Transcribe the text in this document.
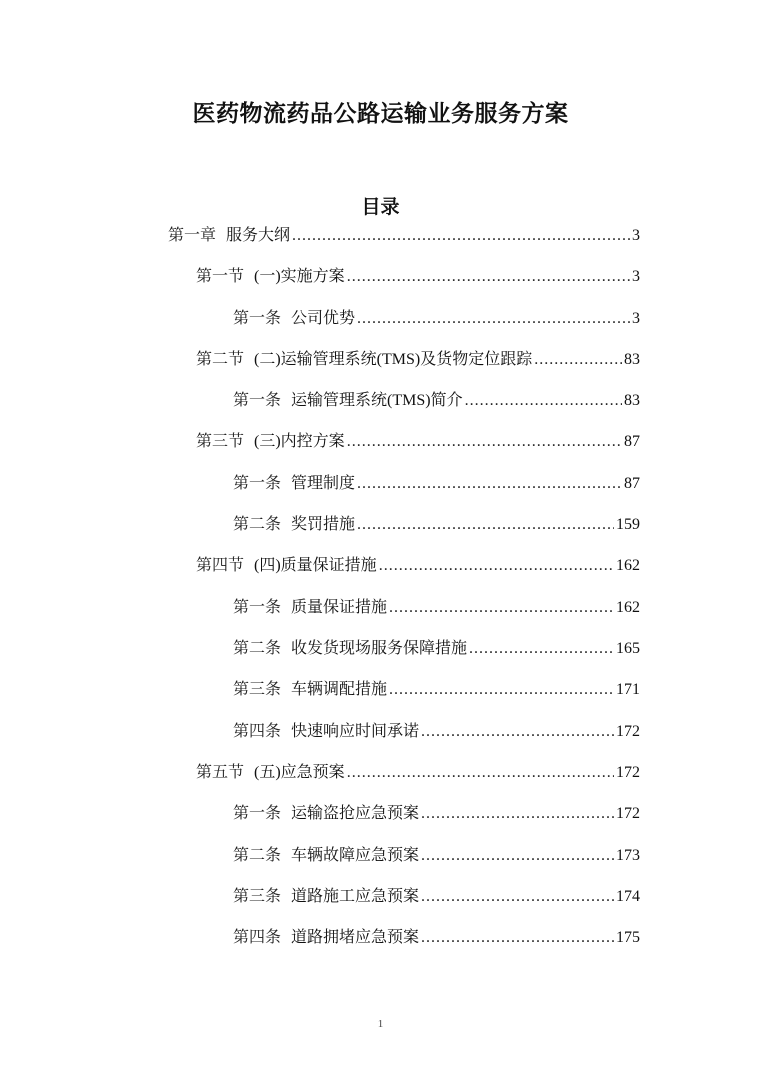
医药物流药品公路运输业务服务方案
目录
第一章 服务大纲 .....	3
第一节 (一)实施方案 .....	3
第一条 公司优势 .....	3
第二节 (二)运输管理系统(TMS)及货物定位跟踪 .....	83
第一条 运输管理系统(TMS)简介 .....	83
第三节 (三)内控方案 .....	87
第一条 管理制度 .....	87
第二条 奖罚措施 .....	159
第四节 (四)质量保证措施 .....	162
第一条 质量保证措施 .....	162
第二条 收发货现场服务保障措施 .....	165
第三条 车辆调配措施 .....	171
第四条 快速响应时间承诺 .....	172
第五节 (五)应急预案 .....	172
第一条 运输盗抢应急预案 .....	172
第二条 车辆故障应急预案 .....	173
第三条 道路施工应急预案 .....	174
第四条 道路拥堵应急预案 .....	175
1
